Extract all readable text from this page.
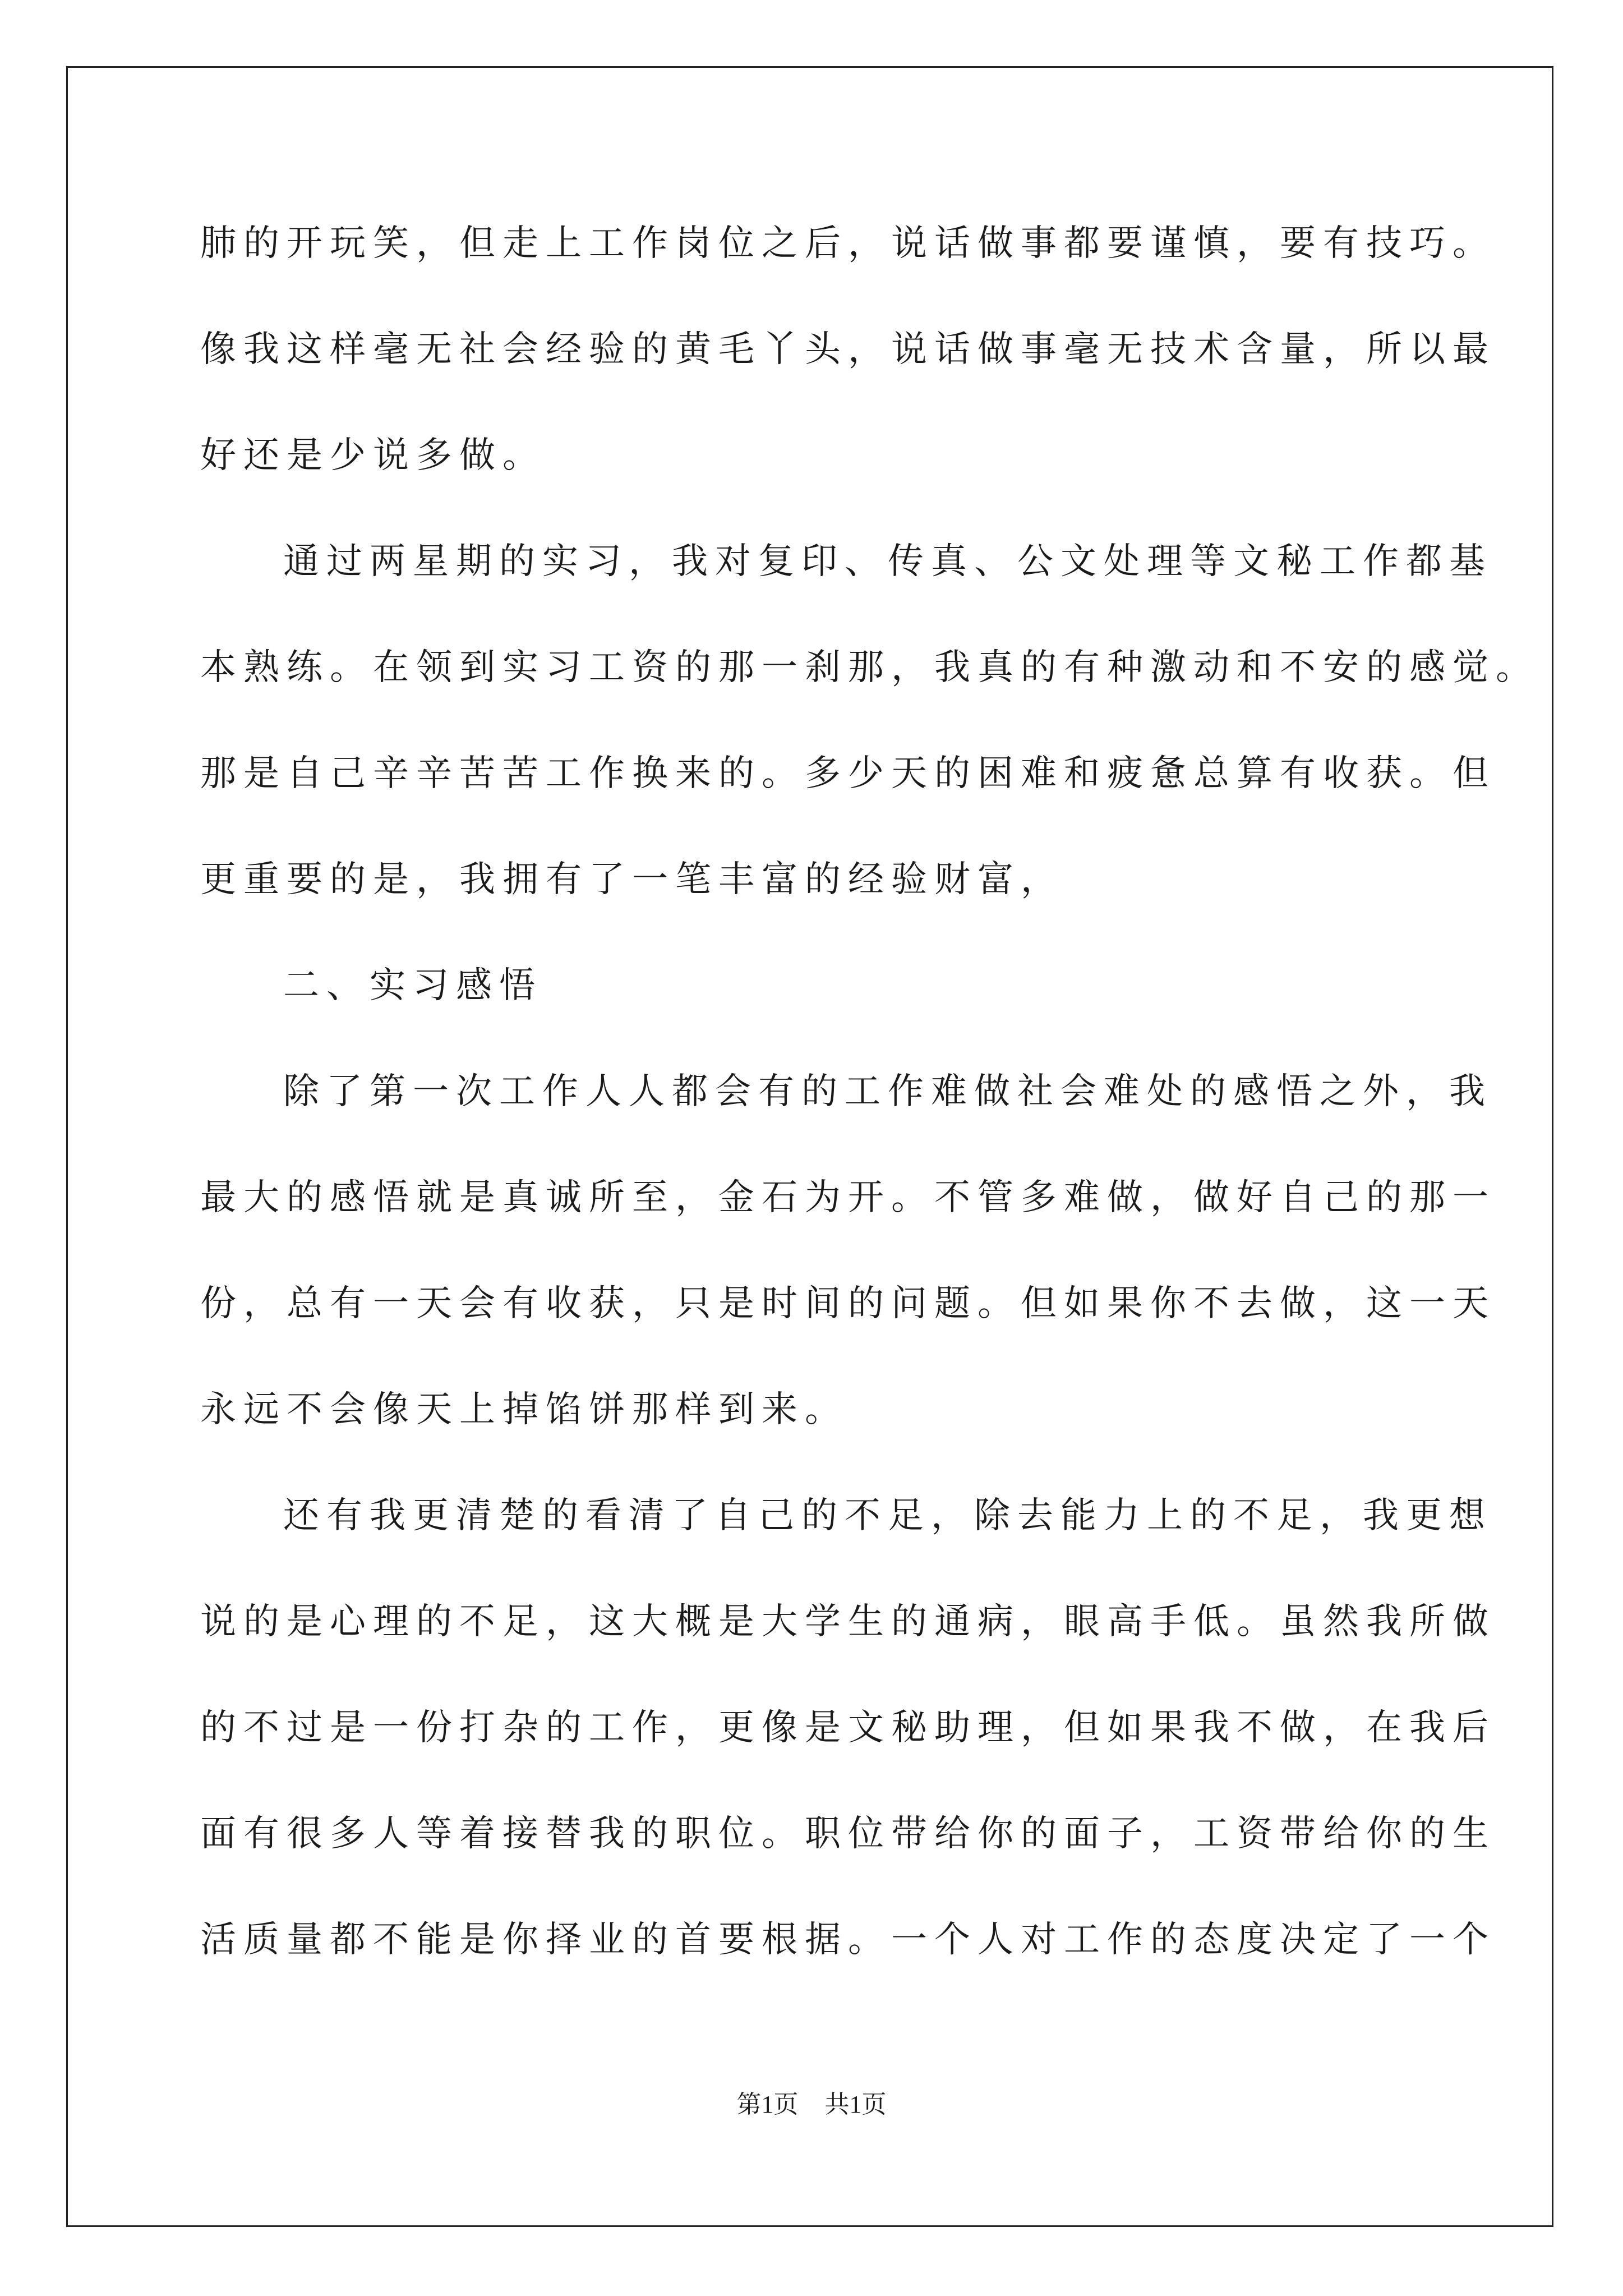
肺的开玩笑，但走上工作岗位之后，说话做事都要谨慎，要有技巧。
像我这样毫无社会经验的黄毛丫头，说话做事毫无技术含量，所以最
好还是少说多做。
通过两星期的实习，我对复印、传真、公文处理等文秘工作都基
本熟练。在领到实习工资的那一刹那，我真的有种激动和不安的感觉。
那是自己辛辛苦苦工作换来的。多少天的困难和疲惫总算有收获。但
更重要的是，我拥有了一笔丰富的经验财富，
二、实习感悟
除了第一次工作人人都会有的工作难做社会难处的感悟之外，我
最大的感悟就是真诚所至，金石为开。不管多难做，做好自己的那一
份，总有一天会有收获，只是时间的问题。但如果你不去做，这一天
永远不会像天上掉馅饼那样到来。
还有我更清楚的看清了自己的不足，除去能力上的不足，我更想
说的是心理的不足，这大概是大学生的通病，眼高手低。虽然我所做
的不过是一份打杂的工作，更像是文秘助理，但如果我不做，在我后
面有很多人等着接替我的职位。职位带给你的面子，工资带给你的生
活质量都不能是你择业的首要根据。一个人对工作的态度决定了一个
第1页 共1页
